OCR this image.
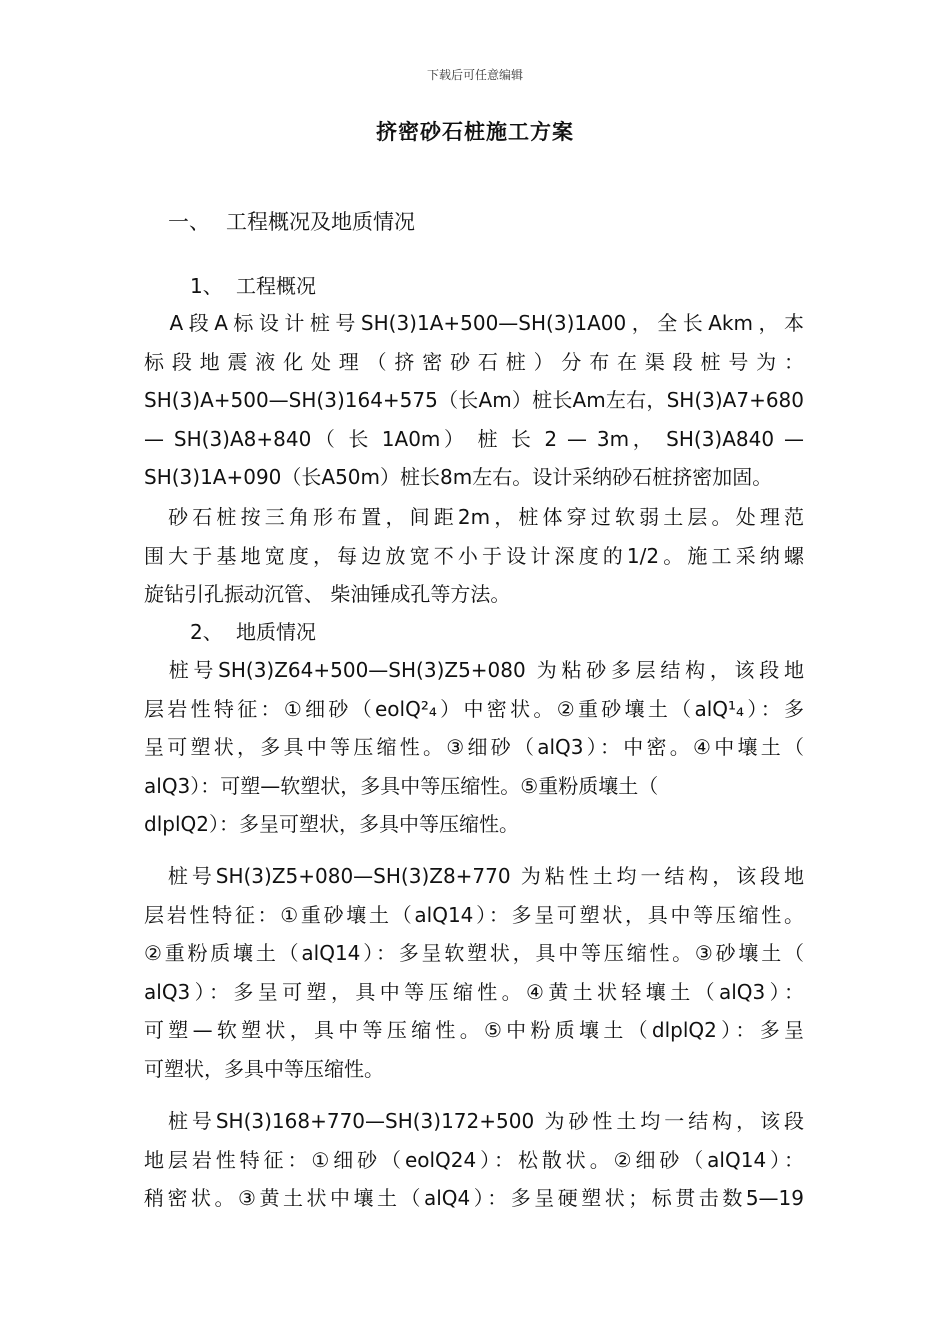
下载后可任意编辑
挤密砂石桩施工方案
一、 工程概况及地质情况
1、 工程概况
　A段A标设计桩号SH(3)1A+500—SH(3)1A00，全长Akm，本
标段地震液化处理（挤密砂石桩）分布在渠段桩号为：
SH(3)A+500—SH(3)164+575（长Am）桩长Am左右，SH(3)A7+680
— SH(3)A8+840（ 长 1A0m） 桩 长 2 — 3m， SH(3)A840 —
SH(3)1A+090（长A50m）桩长8m左右。设计采纳砂石桩挤密加固。
　砂石桩按三角形布置，间距2m，桩体穿过软弱土层。处理范
围大于基地宽度，每边放宽不小于设计深度的1/2。施工采纳螺
旋钻引孔振动沉管、 柴油锤成孔等方法。
2、 地质情况
　桩号SH(3)Z64+500—SH(3)Z5+080 为粘砂多层结构，该段地
层岩性特征：①细砂（eolQ²₄）中密状。②重砂壤土（alQ¹₄）：多
呈可塑状，多具中等压缩性。③细砂（alQ3）：中密。④中壤土（
alQ3）：可塑—软塑状，多具中等压缩性。⑤重粉质壤土（
dlplQ2）：多呈可塑状，多具中等压缩性。
　桩号SH(3)Z5+080—SH(3)Z8+770 为粘性土均一结构，该段地
层岩性特征：①重砂壤土（alQ14）：多呈可塑状，具中等压缩性。
②重粉质壤土（alQ14）：多呈软塑状，具中等压缩性。③砂壤土（
alQ3）：多呈可塑，具中等压缩性。④黄土状轻壤土（alQ3）：
可塑—软塑状，具中等压缩性。⑤中粉质壤土（dlplQ2）：多呈
可塑状，多具中等压缩性。
　桩号SH(3)168+770—SH(3)172+500 为砂性土均一结构，该段
地层岩性特征：①细砂（eolQ24）：松散状。②细砂（alQ14）：
稍密状。③黄土状中壤土（alQ4）：多呈硬塑状；标贯击数5—19
